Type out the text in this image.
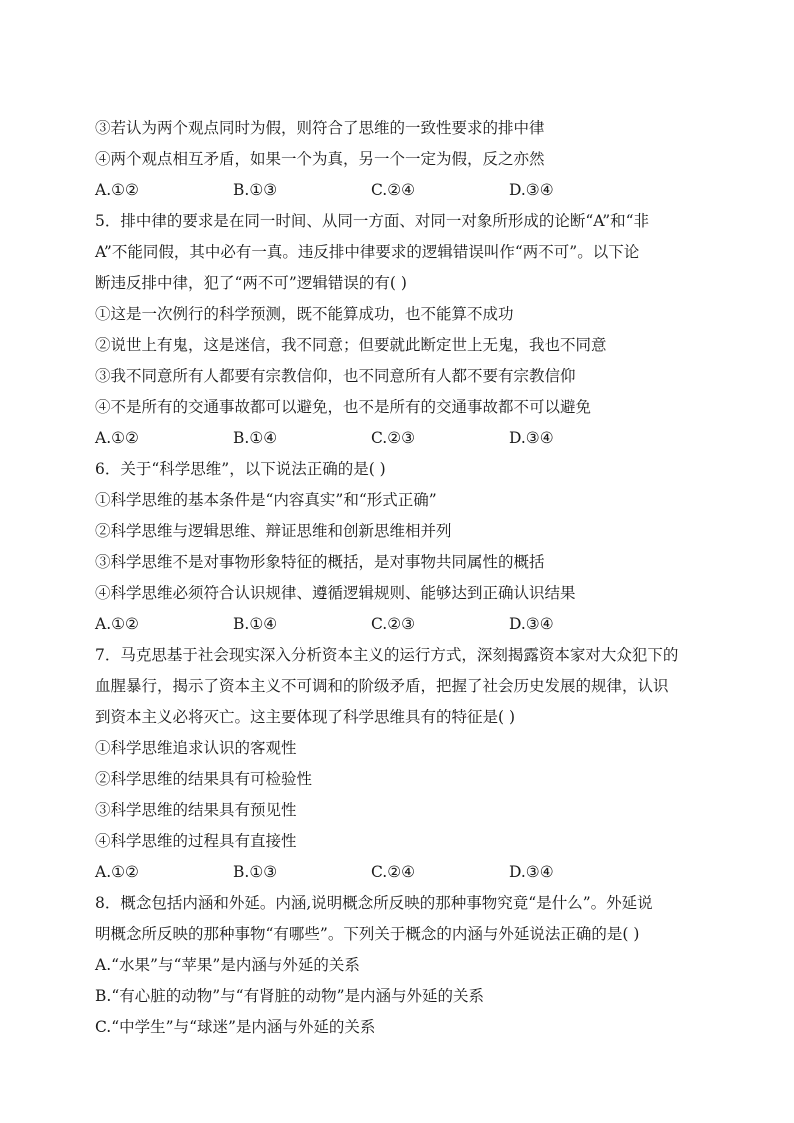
③若认为两个观点同时为假，则符合了思维的一致性要求的排中律
④两个观点相互矛盾，如果一个为真，另一个一定为假，反之亦然
A.①②	B.①③	C.②④	D.③④
5．排中律的要求是在同一时间、从同一方面、对同一对象所形成的论断“A”和“非
A”不能同假，其中必有一真。违反排中律要求的逻辑错误叫作“两不可”。以下论
断违反排中律，犯了“两不可”逻辑错误的有( )
①这是一次例行的科学预测，既不能算成功，也不能算不成功
②说世上有鬼，这是迷信，我不同意；但要就此断定世上无鬼，我也不同意
③我不同意所有人都要有宗教信仰，也不同意所有人都不要有宗教信仰
④不是所有的交通事故都可以避免，也不是所有的交通事故都不可以避免
A.①②	B.①④	C.②③	D.③④
6．关于“科学思维”，以下说法正确的是( )
①科学思维的基本条件是“内容真实”和“形式正确”
②科学思维与逻辑思维、辩证思维和创新思维相并列
③科学思维不是对事物形象特征的概括，是对事物共同属性的概括
④科学思维必须符合认识规律、遵循逻辑规则、能够达到正确认识结果
A.①②	B.①④	C.②③	D.③④
7．马克思基于社会现实深入分析资本主义的运行方式，深刻揭露资本家对大众犯下的
血腥暴行，揭示了资本主义不可调和的阶级矛盾，把握了社会历史发展的规律，认识
到资本主义必将灭亡。这主要体现了科学思维具有的特征是( )
①科学思维追求认识的客观性
②科学思维的结果具有可检验性
③科学思维的结果具有预见性
④科学思维的过程具有直接性
A.①②	B.①③	C.②④	D.③④
8．概念包括内涵和外延。内涵,说明概念所反映的那种事物究竟“是什么”。外延说
明概念所反映的那种事物“有哪些”。下列关于概念的内涵与外延说法正确的是( )
A.“水果”与“苹果”是内涵与外延的关系
B.“有心脏的动物”与“有肾脏的动物”是内涵与外延的关系
C.“中学生”与“球迷”是内涵与外延的关系
